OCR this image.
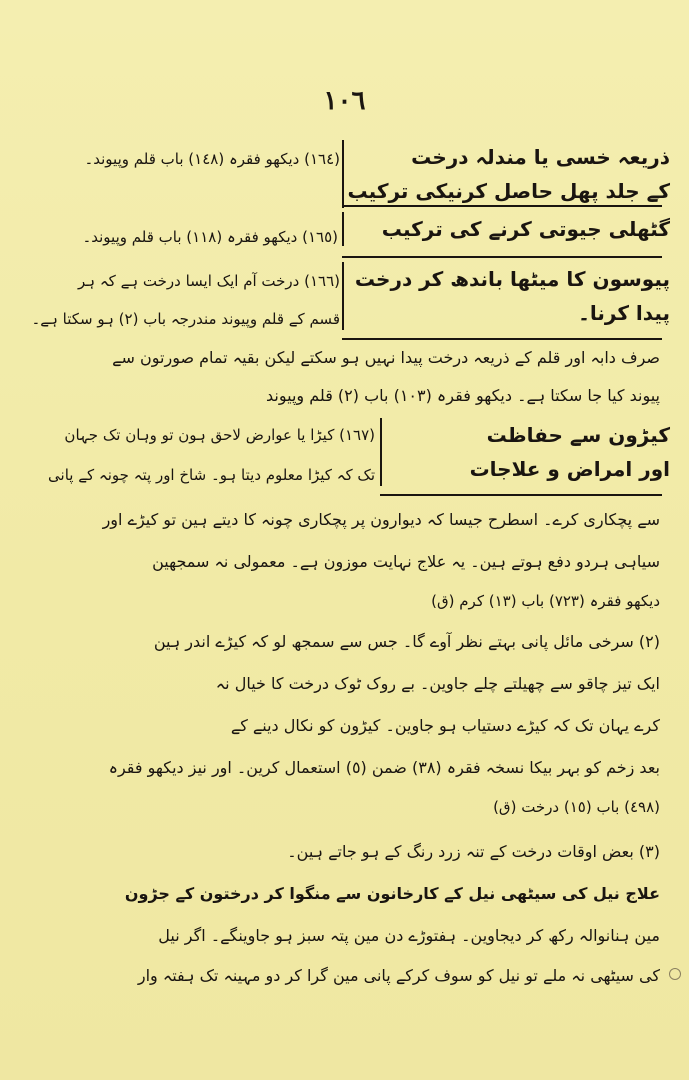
١٠٦
ذریعہ خسی یا مندلہ درخت
کے جلد پھل حاصل کرنیکی ترکیب
گٹھلی جیوتی کرنے کی ترکیب
پیوسون کا میٹھا باندھ کر درخت
پیدا کرنا۔
کیڑون سے حفاظت
اور امراض و علاجات
(١٦٤) دیکھو فقرہ (١٤٨) باب قلم وپیوند۔
(١٦٥) دیکھو فقرہ (١١٨) باب قلم وپیوند۔
(١٦٦) درخت آم ایک ایسا درخت ہے کہ ہر
قسم کے قلم وپیوند مندرجہ باب (٢) ہو سکتا ہے۔
صرف دابہ اور قلم کے ذریعہ درخت پیدا نہیں ہو سکتے لیکن بقیہ تمام صورتون سے
پیوند کیا جا سکتا ہے۔ دیکھو فقرہ (١٠٣) باب (٢) قلم وپیوند
(١٦٧) کیڑا یا عوارض لاحق ہون تو وہان تک جہان
تک کہ کیڑا معلوم دیتا ہو۔ شاخ اور پتہ چونہ کے پانی
سے پچکاری کرے۔ اسطرح جیسا کہ دیوارون پر پچکاری چونہ کا دیتے ہین تو کیڑے اور
سیاہی ہردو دفع ہوتے ہین۔ یہ علاج نہایت موزون ہے۔ معمولی نہ سمجھین
دیکھو فقرہ (٧٢٣) باب (١٣) کرم (ق)
(٢) سرخی مائل پانی بہتے نظر آوے گا۔ جس سے سمجھ لو کہ کیڑے اندر ہین
ایک تیز چاقو سے چھیلتے چلے جاوین۔ بے روک ٹوک درخت کا خیال نہ
کرے یہان تک کہ کیڑے دستیاب ہو جاوین۔ کیڑون کو نکال دینے کے
بعد زخم کو بہر بیکا نسخہ فقرہ (٣٨) ضمن (٥) استعمال کرین۔ اور نیز دیکھو فقرہ
(٤٩٨) باب (١٥) درخت (ق)
(٣) بعض اوقات درخت کے تنہ زرد رنگ کے ہو جاتے ہین۔
علاج نیل کی سیٹھی نیل کے کارخانون سے منگوا کر درختون کے جڑون
مین ہنانوالہ رکھ کر دیجاوین۔ ہفتوڑے دن مین پتہ سبز ہو جاوینگے۔ اگر نیل
کی سیٹھی نہ ملے تو نیل کو سوف کرکے پانی مین گرا کر دو مہینہ تک ہفتہ وار
